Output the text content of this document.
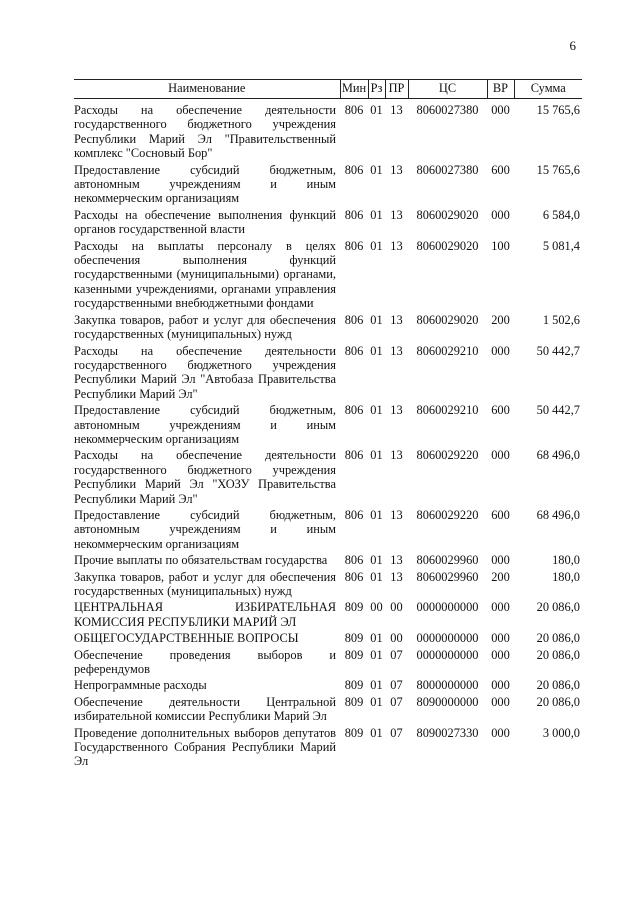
6
Наименование	Мин	Рз	ПР	ЦС	ВР	Сумма
Расходы на обеспечение деятельности государственного бюджетного учреждения Республики Марий Эл "Правительственный комплекс "Сосновый Бор"	806	01	13	8060027380	000	15 765,6
Предоставление субсидий бюджетным, автономным учреждениям и иным некоммерческим организациям	806	01	13	8060027380	600	15 765,6
Расходы на обеспечение выполнения функций органов государственной власти	806	01	13	8060029020	000	6 584,0
Расходы на выплаты персоналу в целях обеспечения выполнения функций государственными (муниципальными) органами, казенными учреждениями, органами управления государственными внебюджетными фондами	806	01	13	8060029020	100	5 081,4
Закупка товаров, работ и услуг для обеспечения государственных (муниципальных) нужд	806	01	13	8060029020	200	1 502,6
Расходы на обеспечение деятельности государственного бюджетного учреждения Республики Марий Эл "Автобаза Правительства Республики Марий Эл"	806	01	13	8060029210	000	50 442,7
Предоставление субсидий бюджетным, автономным учреждениям и иным некоммерческим организациям	806	01	13	8060029210	600	50 442,7
Расходы на обеспечение деятельности государственного бюджетного учреждения Республики Марий Эл "ХОЗУ Правительства Республики Марий Эл"	806	01	13	8060029220	000	68 496,0
Предоставление субсидий бюджетным, автономным учреждениям и иным некоммерческим организациям	806	01	13	8060029220	600	68 496,0
Прочие выплаты по обязательствам государства	806	01	13	8060029960	000	180,0
Закупка товаров, работ и услуг для обеспечения государственных (муниципальных) нужд	806	01	13	8060029960	200	180,0
ЦЕНТРАЛЬНАЯ ИЗБИРАТЕЛЬНАЯ КОМИССИЯ РЕСПУБЛИКИ МАРИЙ ЭЛ	809	00	00	0000000000	000	20 086,0
ОБЩЕГОСУДАРСТВЕННЫЕ ВОПРОСЫ	809	01	00	0000000000	000	20 086,0
Обеспечение проведения выборов и референдумов	809	01	07	0000000000	000	20 086,0
Непрограммные расходы	809	01	07	8000000000	000	20 086,0
Обеспечение деятельности Центральной избирательной комиссии Республики Марий Эл	809	01	07	8090000000	000	20 086,0
Проведение дополнительных выборов депутатов Государственного Собрания Республики Марий Эл	809	01	07	8090027330	000	3 000,0
